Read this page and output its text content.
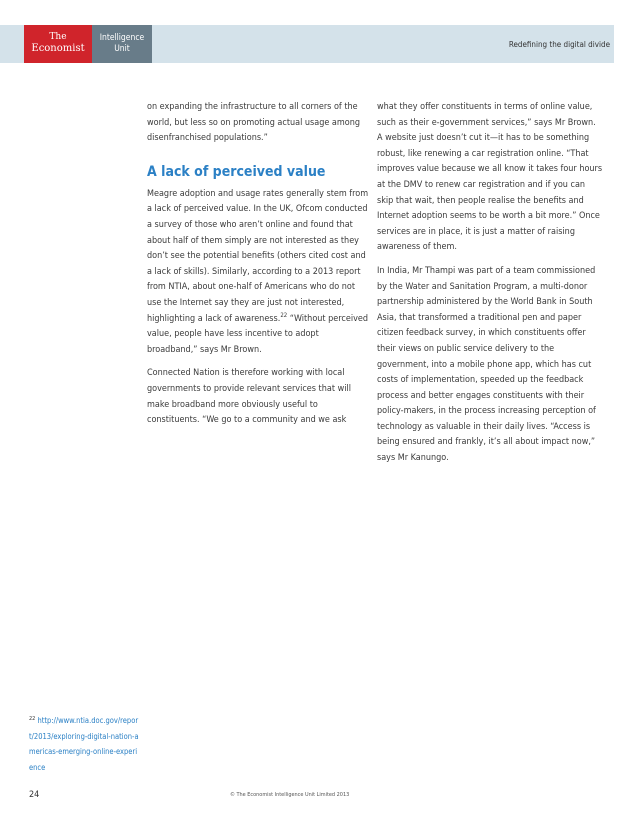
The
Economist
Intelligence
Unit	Redefining the digital divide

on expanding the infrastructure to all corners of the world, but less so on promoting actual usage among disenfranchised populations.”

A lack of perceived value

Meagre adoption and usage rates generally stem from a lack of perceived value. In the UK, Ofcom conducted a survey of those who aren’t online and found that about half of them simply are not interested as they don’t see the potential benefits (others cited cost and a lack of skills). Similarly, according to a 2013 report from NTIA, about one-half of Americans who do not use the Internet say they are just not interested, highlighting a lack of awareness.$^{22}$ “Without perceived value, people have less incentive to adopt broadband,” says Mr Brown.

Connected Nation is therefore working with local governments to provide relevant services that will make broadband more obviously useful to constituents. “We go to a community and we ask

what they offer constituents in terms of online value, such as their e-government services,” says Mr Brown. A website just doesn’t cut it—it has to be something robust, like renewing a car registration online. “That improves value because we all know it takes four hours at the DMV to renew car registration and if you can skip that wait, then people realise the benefits and Internet adoption seems to be worth a bit more.” Once services are in place, it is just a matter of raising awareness of them.

In India, Mr Thampi was part of a team commissioned by the Water and Sanitation Program, a multi-donor partnership administered by the World Bank in South Asia, that transformed a traditional pen and paper citizen feedback survey, in which constituents offer their views on public service delivery to the government, into a mobile phone app, which has cut costs of implementation, speeded up the feedback process and better engages constituents with their policy-makers, in the process increasing perception of technology as valuable in their daily lives. “Access is being ensured and frankly, it’s all about impact now,” says Mr Kanungo.

$^{22}$ http://www.ntia.doc.gov/report/2013/exploring-digital-nation-americas-emerging-online-experience
24	© The Economist Intelligence Unit Limited 2013
